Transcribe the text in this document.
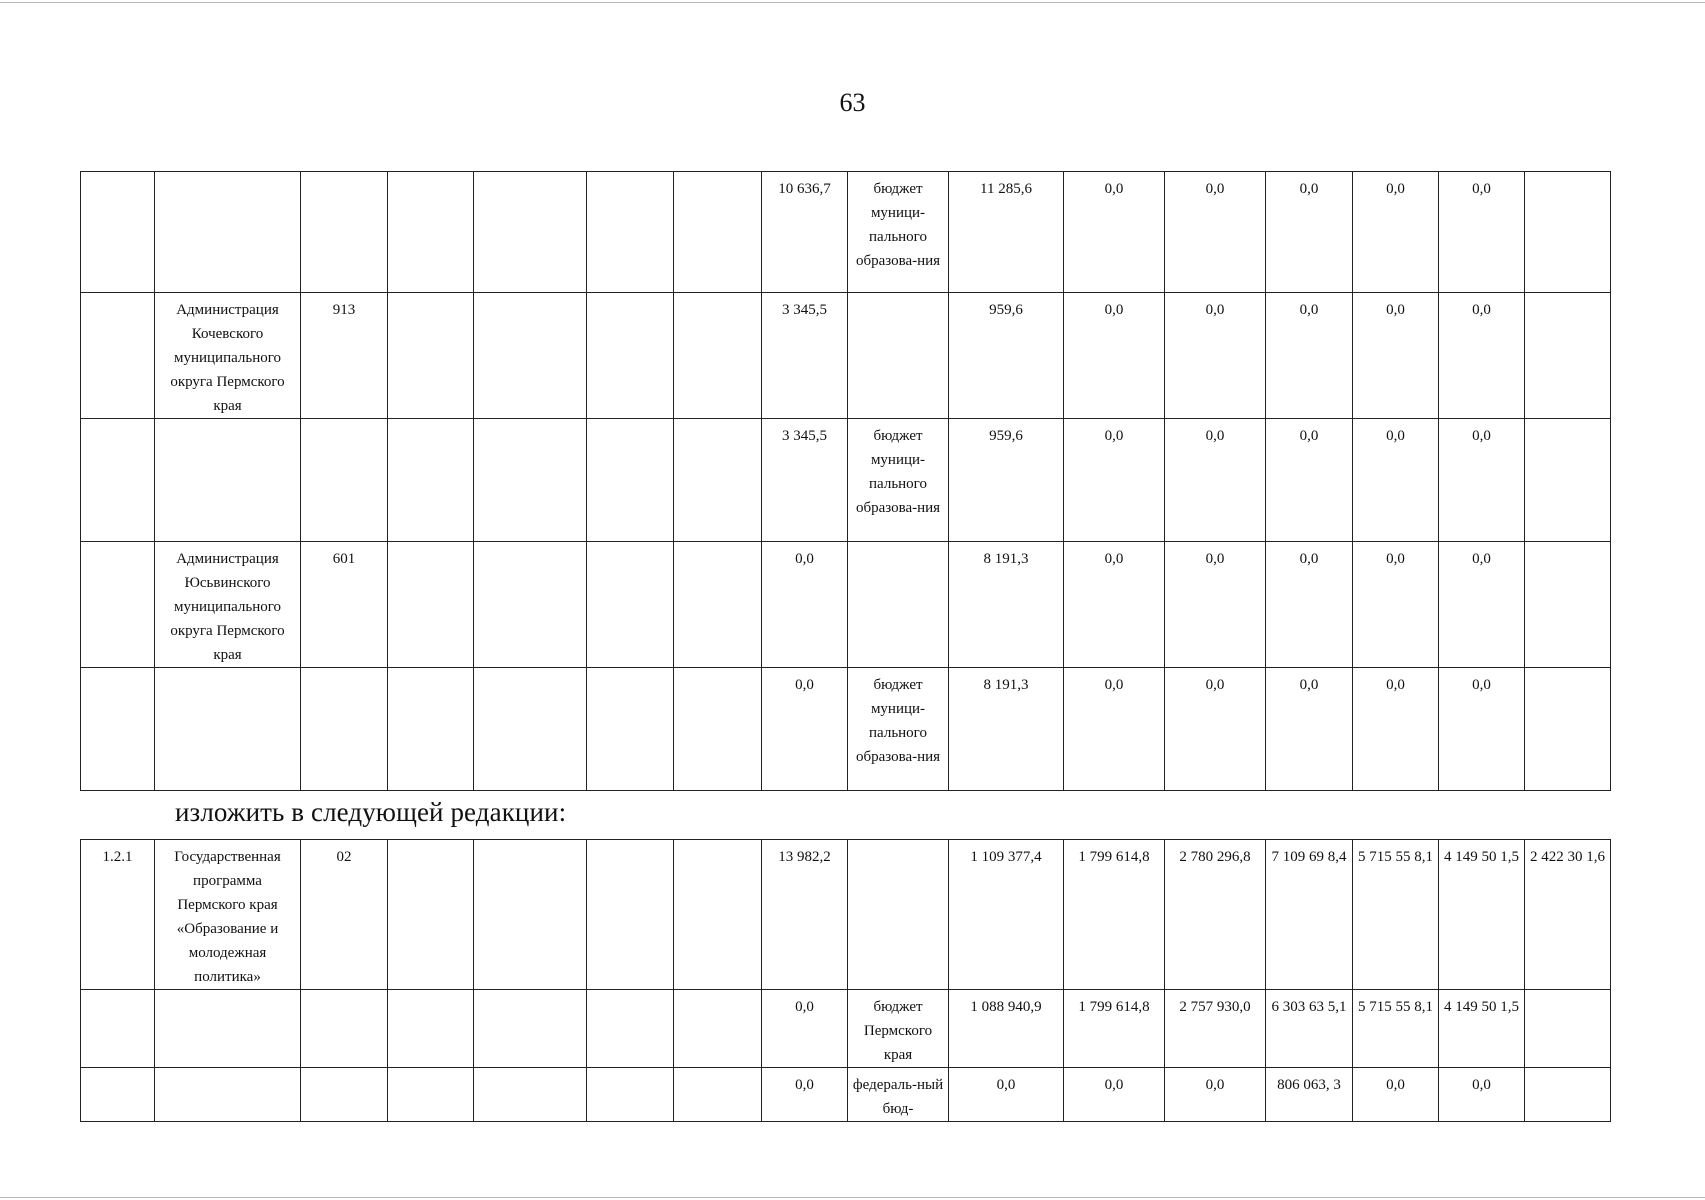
63
							10 636,7	бюджет муници-пального образова-ния	11 285,6	0,0	0,0	0,0	0,0	0,0	
	Администрация Кочевского муниципального округа Пермского края	913					3 345,5		959,6	0,0	0,0	0,0	0,0	0,0	
							3 345,5	бюджет муници-пального образова-ния	959,6	0,0	0,0	0,0	0,0	0,0	
	Администрация Юсьвинского муниципального округа Пермского края	601					0,0		8 191,3	0,0	0,0	0,0	0,0	0,0	
							0,0	бюджет муници-пального образова-ния	8 191,3	0,0	0,0	0,0	0,0	0,0	
изложить в следующей редакции:
1.2.1	Государственная программа Пермского края «Образование и молодежная политика»	02					13 982,2		1 109 377,4	1 799 614,8	2 780 296,8	7 109 69 8,4	5 715 55 8,1	4 149 50 1,5	2 422 30 1,6
							0,0	бюджет Пермского края	1 088 940,9	1 799 614,8	2 757 930,0	6 303 63 5,1	5 715 55 8,1	4 149 50 1,5	
							0,0	федераль-ный бюд-	0,0	0,0	0,0	806 063, 3	0,0	0,0	
